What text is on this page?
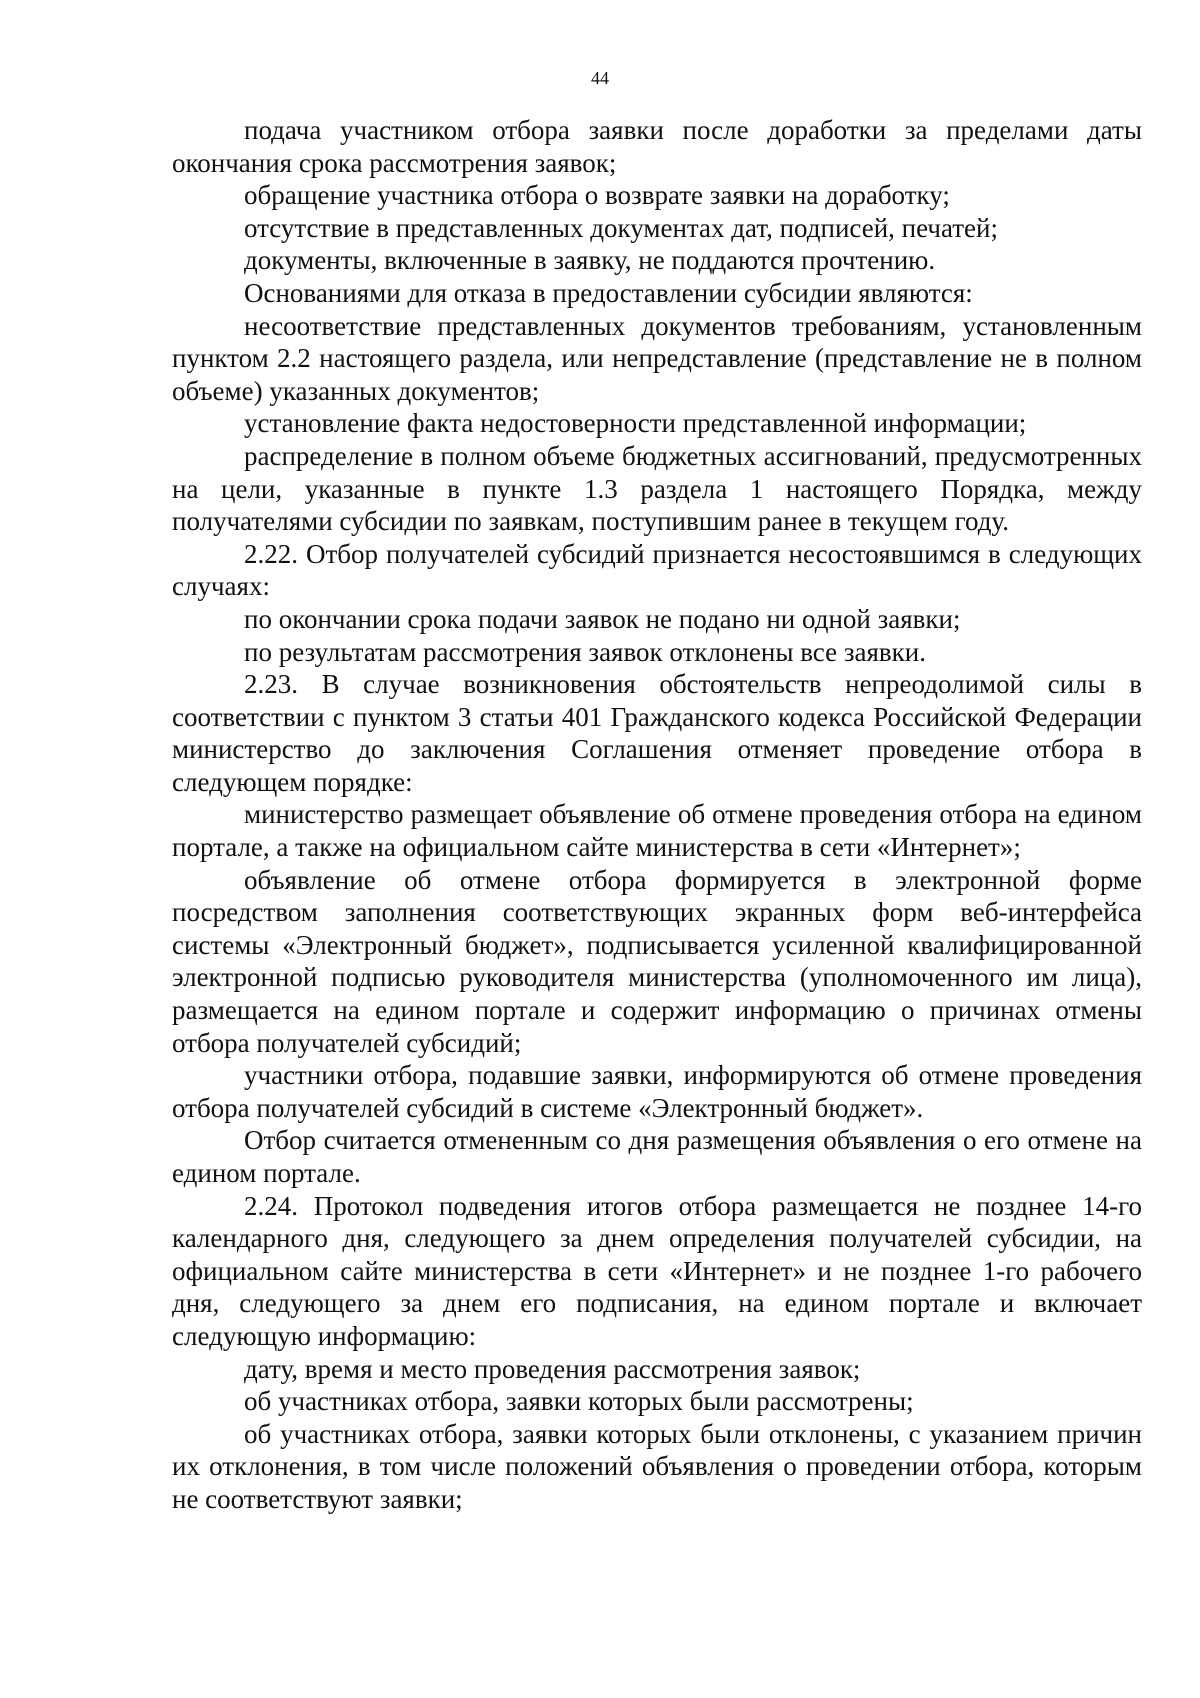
44

подача участником отбора заявки после доработки за пределами даты окончания срока рассмотрения заявок;

обращение участника отбора о возврате заявки на доработку;

отсутствие в представленных документах дат, подписей, печатей;

документы, включенные в заявку, не поддаются прочтению.

Основаниями для отказа в предоставлении субсидии являются:

несоответствие представленных документов требованиям, установленным пунктом 2.2 настоящего раздела, или непредставление (представление не в полном объеме) указанных документов;

установление факта недостоверности представленной информации;

распределение в полном объеме бюджетных ассигнований, предусмотренных на цели, указанные в пункте 1.3 раздела 1 настоящего Порядка, между получателями субсидии по заявкам, поступившим ранее в текущем году.

2.22. Отбор получателей субсидий признается несостоявшимся в следующих случаях:

по окончании срока подачи заявок не подано ни одной заявки;

по результатам рассмотрения заявок отклонены все заявки.

2.23. В случае возникновения обстоятельств непреодолимой силы в соответствии с пунктом 3 статьи 401 Гражданского кодекса Российской Федерации министерство до заключения Соглашения отменяет проведение отбора в следующем порядке:

министерство размещает объявление об отмене проведения отбора на едином портале, а также на официальном сайте министерства в сети «Интернет»;

объявление об отмене отбора формируется в электронной форме посредством заполнения соответствующих экранных форм веб-интерфейса системы «Электронный бюджет», подписывается усиленной квалифицированной электронной подписью руководителя министерства (уполномоченного им лица), размещается на едином портале и содержит информацию о причинах отмены отбора получателей субсидий;

участники отбора, подавшие заявки, информируются об отмене проведения отбора получателей субсидий в системе «Электронный бюджет».

Отбор считается отмененным со дня размещения объявления о его отмене на едином портале.

2.24. Протокол подведения итогов отбора размещается не позднее 14-го календарного дня, следующего за днем определения получателей субсидии, на официальном сайте министерства в сети «Интернет» и не позднее 1-го рабочего дня, следующего за днем его подписания, на едином портале и включает следующую информацию:

дату, время и место проведения рассмотрения заявок;

об участниках отбора, заявки которых были рассмотрены;

об участниках отбора, заявки которых были отклонены, с указанием причин их отклонения, в том числе положений объявления о проведении отбора, которым не соответствуют заявки;
